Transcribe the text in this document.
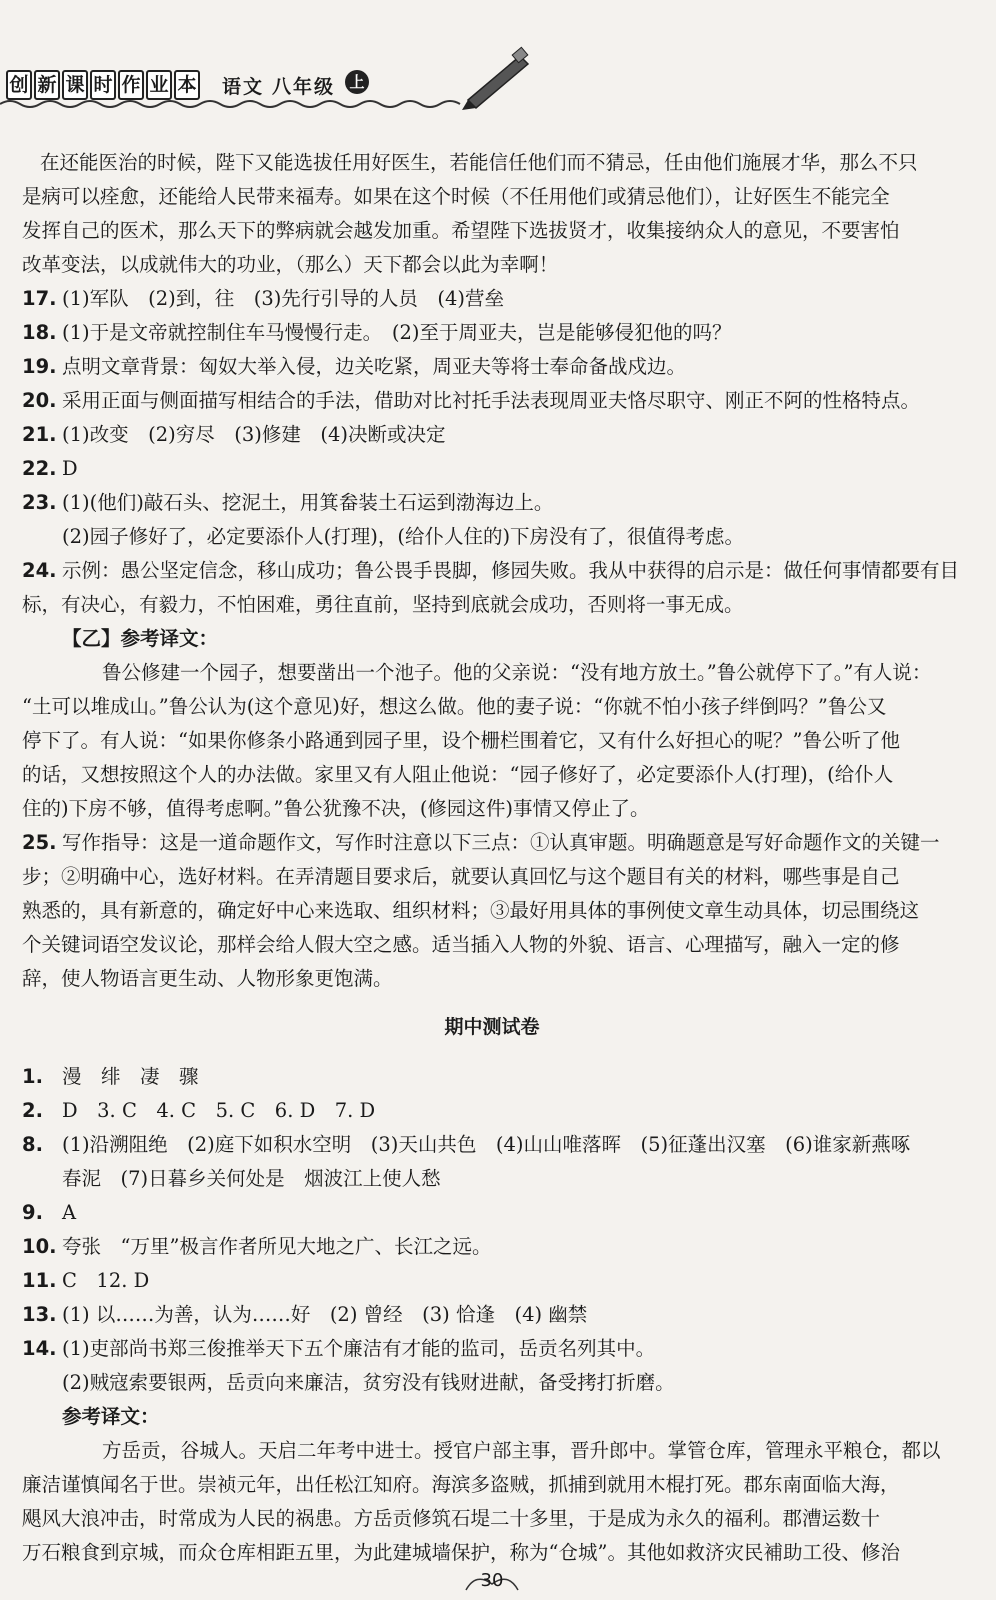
创 新 课 时 作 业 本 语文 八年级 上
在还能医治的时候，陛下又能选拔任用好医生，若能信任他们而不猜忌，任由他们施展才华，那么不只
是病可以痊愈，还能给人民带来福寿。如果在这个时候（不任用他们或猜忌他们），让好医生不能完全
发挥自己的医术，那么天下的弊病就会越发加重。希望陛下选拔贤才，收集接纳众人的意见，不要害怕
改革变法，以成就伟大的功业，（那么）天下都会以此为幸啊！
17. (1)军队　(2)到，往　(3)先行引导的人员　(4)营垒
18. (1)于是文帝就控制住车马慢慢行走。　(2)至于周亚夫，岂是能够侵犯他的吗？
19. 点明文章背景：匈奴大举入侵，边关吃紧，周亚夫等将士奉命备战戍边。
20. 采用正面与侧面描写相结合的手法，借助对比衬托手法表现周亚夫恪尽职守、刚正不阿的性格特点。
21. (1)改变　(2)穷尽　(3)修建　(4)决断或决定
22. D
23. (1)(他们)敲石头、挖泥土，用箕畚装土石运到渤海边上。
(2)园子修好了，必定要添仆人(打理)，(给仆人住的)下房没有了，很值得考虑。
24. 示例：愚公坚定信念，移山成功；鲁公畏手畏脚，修园失败。我从中获得的启示是：做任何事情都要有目
标，有决心，有毅力，不怕困难，勇往直前，坚持到底就会成功，否则将一事无成。
【乙】参考译文：
鲁公修建一个园子，想要凿出一个池子。他的父亲说：“没有地方放土。”鲁公就停下了。”有人说：
“土可以堆成山。”鲁公认为(这个意见)好，想这么做。他的妻子说：“你就不怕小孩子绊倒吗？”鲁公又
停下了。有人说：“如果你修条小路通到园子里，设个栅栏围着它，又有什么好担心的呢？”鲁公听了他
的话，又想按照这个人的办法做。家里又有人阻止他说：“园子修好了，必定要添仆人(打理)，(给仆人
住的)下房不够，值得考虑啊。”鲁公犹豫不决，(修园这件)事情又停止了。
25. 写作指导：这是一道命题作文，写作时注意以下三点：①认真审题。明确题意是写好命题作文的关键一
步；②明确中心，选好材料。在弄清题目要求后，就要认真回忆与这个题目有关的材料，哪些事是自己
熟悉的，具有新意的，确定好中心来选取、组织材料；③最好用具体的事例使文章生动具体，切忌围绕这
个关键词语空发议论，那样会给人假大空之感。适当插入人物的外貌、语言、心理描写，融入一定的修
辞，使人物语言更生动、人物形象更饱满。
期中测试卷
1. 漫　绯　凄　骤
2. D　3. C　4. C　5. C　6. D　7. D
8. (1)沿溯阻绝　(2)庭下如积水空明　(3)天山共色　(4)山山唯落晖　(5)征蓬出汉塞　(6)谁家新燕啄
春泥　(7)日暮乡关何处是　烟波江上使人愁
9. A
10. 夸张　“万里”极言作者所见大地之广、长江之远。
11. C　12. D
13. (1) 以……为善，认为……好　(2) 曾经　(3) 恰逢　(4) 幽禁
14. (1)吏部尚书郑三俊推举天下五个廉洁有才能的监司，岳贡名列其中。
(2)贼寇索要银两，岳贡向来廉洁，贫穷没有钱财进献，备受拷打折磨。
参考译文：
方岳贡，谷城人。天启二年考中进士。授官户部主事，晋升郎中。掌管仓库，管理永平粮仓，都以
廉洁谨慎闻名于世。崇祯元年，出任松江知府。海滨多盗贼，抓捕到就用木棍打死。郡东南面临大海，
飓风大浪冲击，时常成为人民的祸患。方岳贡修筑石堤二十多里，于是成为永久的福利。郡漕运数十
万石粮食到京城，而众仓库相距五里，为此建城墙保护，称为“仓城”。其他如救济灾民補助工役、修治
30
